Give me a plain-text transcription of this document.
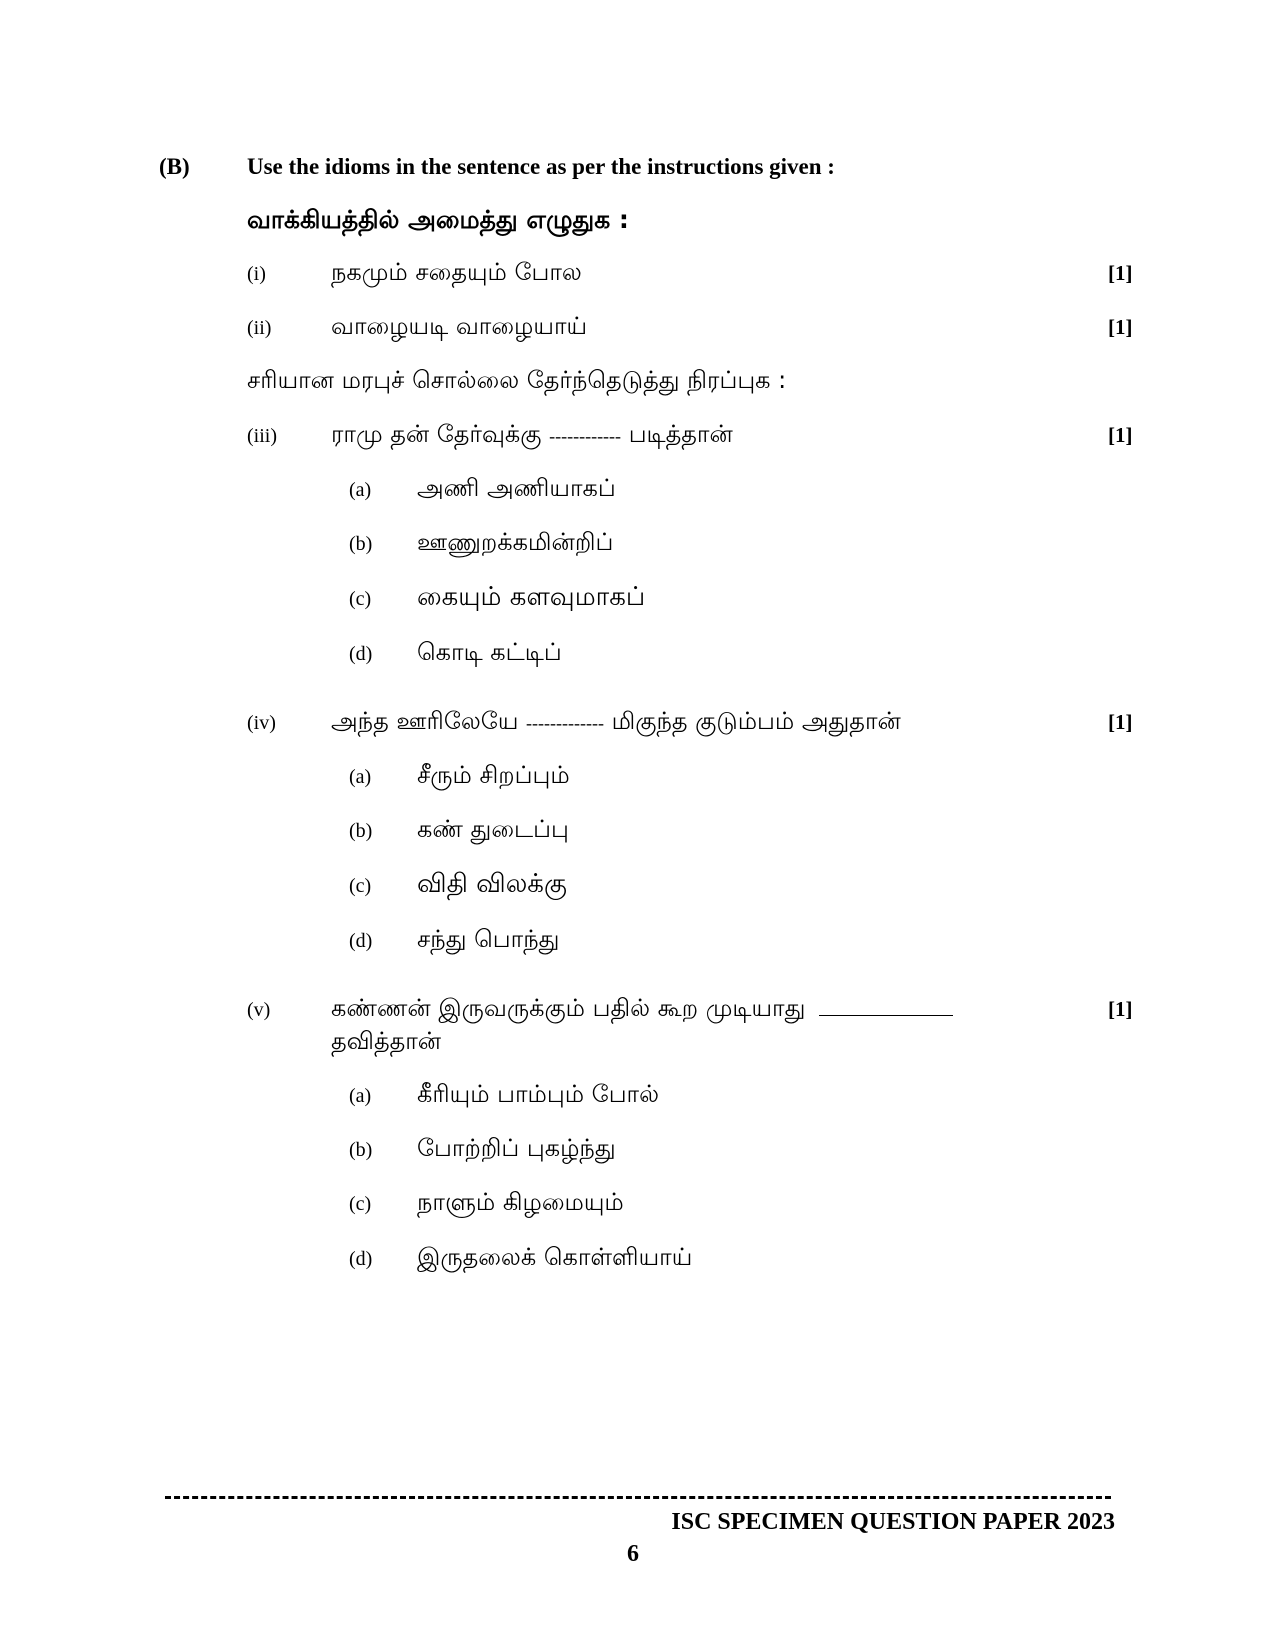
(B) Use the idioms in the sentence as per the instructions given :
வாக்கியத்தில் அமைத்து எழுதுக :
(i)	நகமும் சதையும் போல	[1]
(ii) வாழையடி வாழையாய்	[1]
சரியான மரபுச் சொல்லை தேர்ந்தெடுத்து நிரப்புக :
(iii) ராமு தன் தேர்வுக்கு ------------ படித்தான்	[1]
(a) அணி அணியாகப்
(b) ஊணுறக்கமின்றிப்
(c) கையும் களவுமாகப்
(d) கொடி கட்டிப்
(iv) அந்த ஊரிலேயே ------------- மிகுந்த குடும்பம் அதுதான்	[1]
(a) சீரும் சிறப்பும்
(b) கண் துடைப்பு
(c) விதி விலக்கு
(d) சந்து பொந்து
(v)	கண்ணன் இருவருக்கும் பதில் கூற முடியாது	[1]
தவித்தான்
(a) கீரியும் பாம்பும் போல்
(b) போற்றிப் புகழ்ந்து
(c) நாளும் கிழமையும்
(d) இருதலைக் கொள்ளியாய்
ISC SPECIMEN QUESTION PAPER 2023
6
